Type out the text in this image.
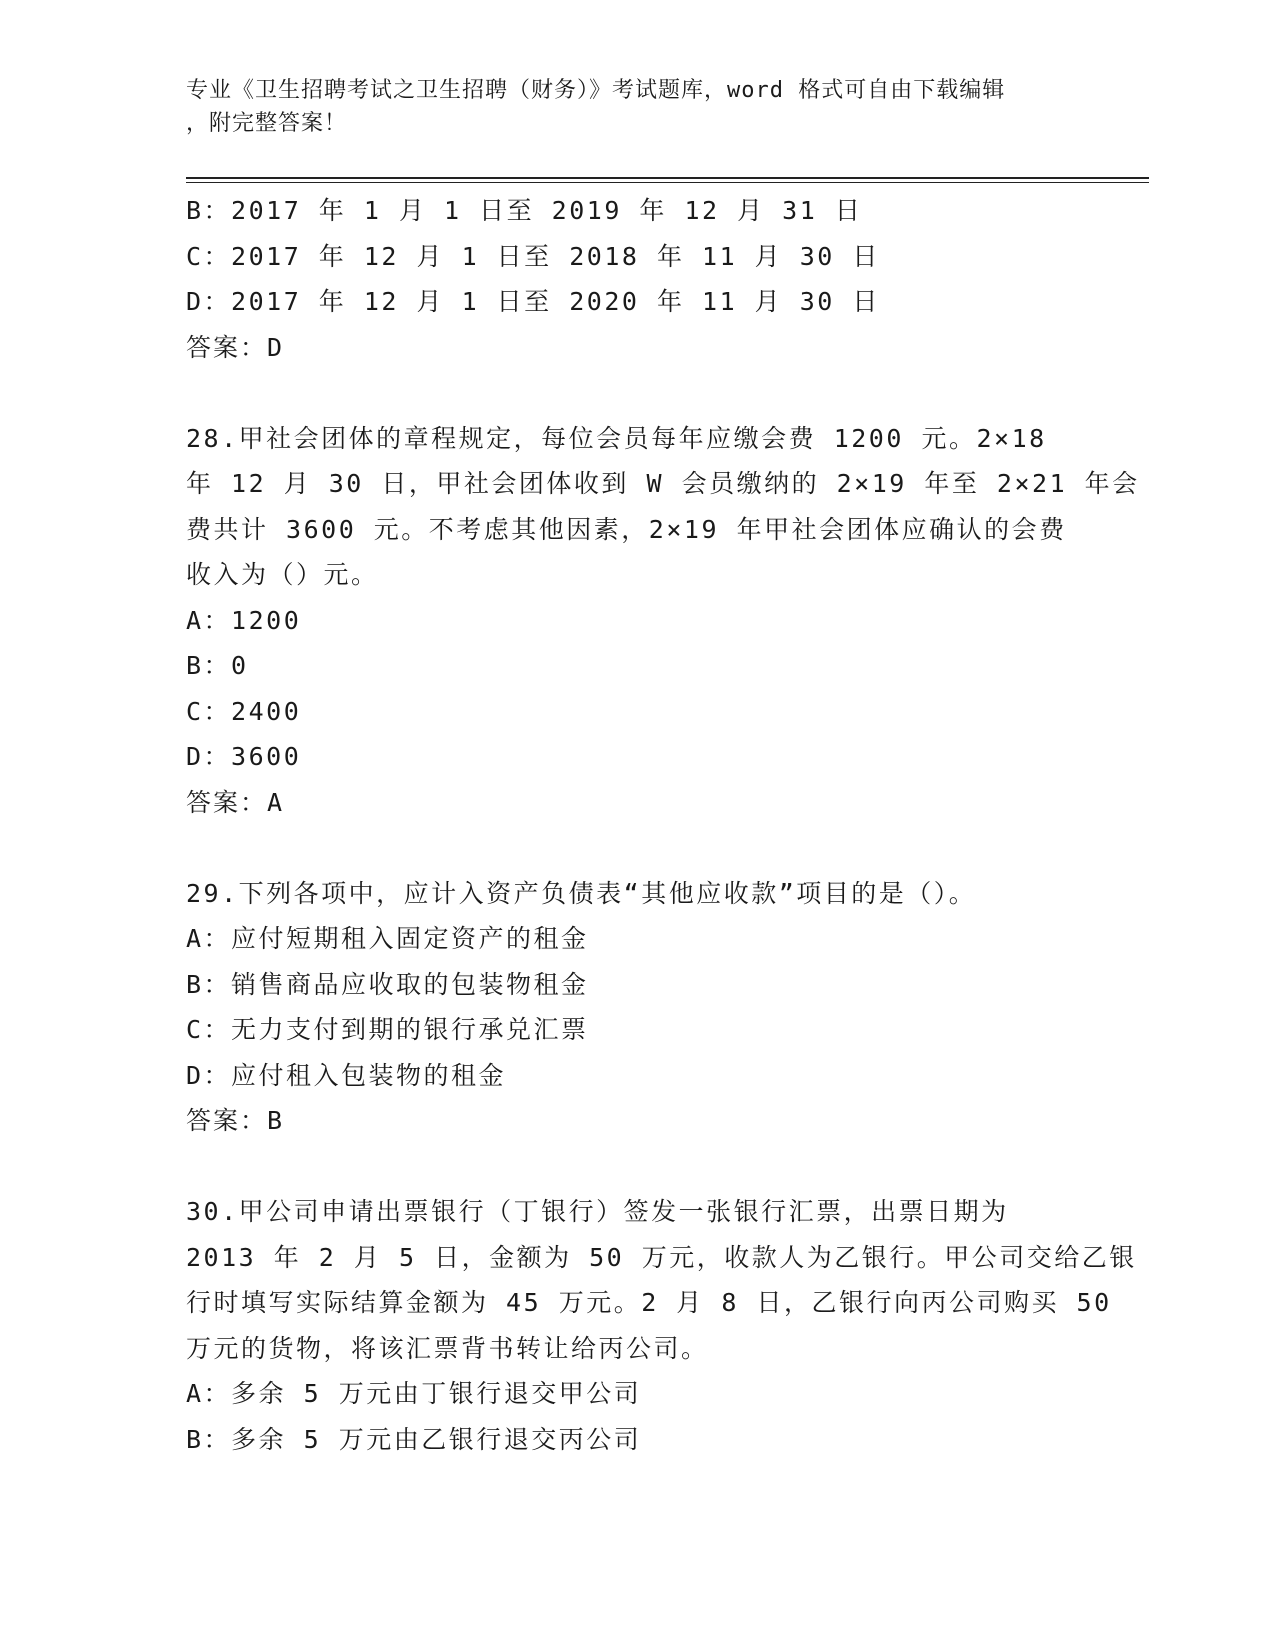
专业《卫生招聘考试之卫生招聘（财务）》考试题库，word 格式可自由下载编辑
，附完整答案！
B：2017 年 1 月 1 日至 2019 年 12 月 31 日
C：2017 年 12 月 1 日至 2018 年 11 月 30 日
D：2017 年 12 月 1 日至 2020 年 11 月 30 日
答案：D
28.甲社会团体的章程规定，每位会员每年应缴会费 1200 元。2×18
年 12 月 30 日，甲社会团体收到 W 会员缴纳的 2×19 年至 2×21 年会
费共计 3600 元。不考虑其他因素，2×19 年甲社会团体应确认的会费
收入为（）元。
A：1200
B：0
C：2400
D：3600
答案：A
29.下列各项中，应计入资产负债表“其他应收款”项目的是（）。
A：应付短期租入固定资产的租金
B：销售商品应收取的包装物租金
C：无力支付到期的银行承兑汇票
D：应付租入包装物的租金
答案：B
30.甲公司申请出票银行（丁银行）签发一张银行汇票，出票日期为
2013 年 2 月 5 日，金额为 50 万元，收款人为乙银行。甲公司交给乙银
行时填写实际结算金额为 45 万元。2 月 8 日，乙银行向丙公司购买 50
万元的货物，将该汇票背书转让给丙公司。
A：多余 5 万元由丁银行退交甲公司
B：多余 5 万元由乙银行退交丙公司
